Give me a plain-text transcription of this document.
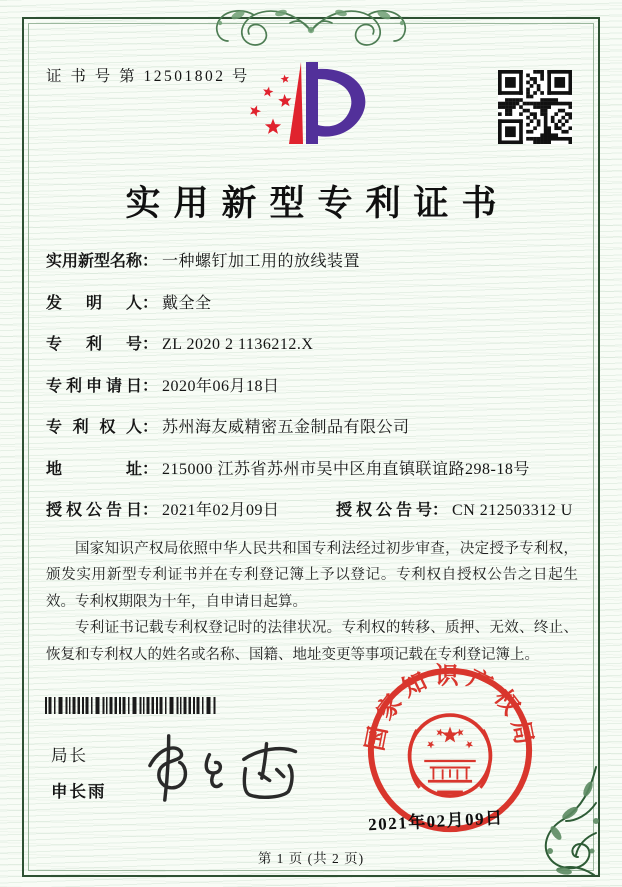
证 书 号 第 12501802 号
实用新型专利证书
实用新型名称： 一种螺钉加工用的放线装置
发明人： 戴全全
专利号： ZL 2020 2 1136212.X
专利申请日： 2020年06月18日
专利权人： 苏州海友威精密五金制品有限公司
地址： 215000 江苏省苏州市吴中区甪直镇联谊路298-18号
授权公告日： 2021年02月09日	授权公告号： CN 212503312 U

国家知识产权局依照中华人民共和国专利法经过初步审查，决定授予专利权，颁发实用新型专利证书并在专利登记簿上予以登记。专利权自授权公告之日起生效。专利权期限为十年，自申请日起算。

专利证书记载专利权登记时的法律状况。专利权的转移、质押、无效、终止、恢复和专利权人的姓名或名称、国籍、地址变更等事项记载在专利登记簿上。

局长
申长雨
国家知识产权局
2021年02月09日
第 1 页 (共 2 页)
